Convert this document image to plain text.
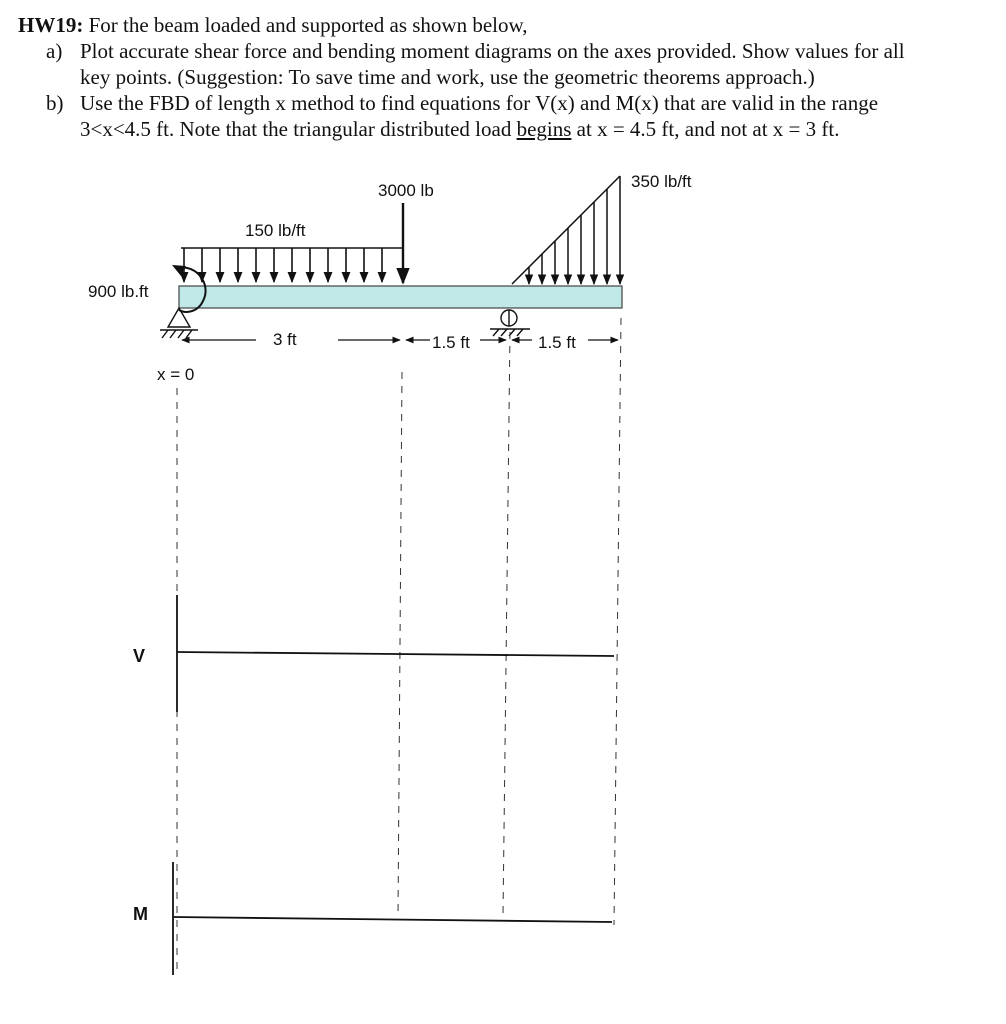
HW19: For the beam loaded and supported as shown below,
a) Plot accurate shear force and bending moment diagrams on the axes provided. Show values for all
key points. (Suggestion: To save time and work, use the geometric theorems approach.)
b) Use the FBD of length x method to find equations for V(x) and M(x) that are valid in the range
3<x<4.5 ft. Note that the triangular distributed load begins at x = 4.5 ft, and not at x = 3 ft.
150 lb/ft
3000 lb	350 lb/ft
900 lb.ft
3 ft	1.5 ft	1.5 ft
x = 0
V
M
